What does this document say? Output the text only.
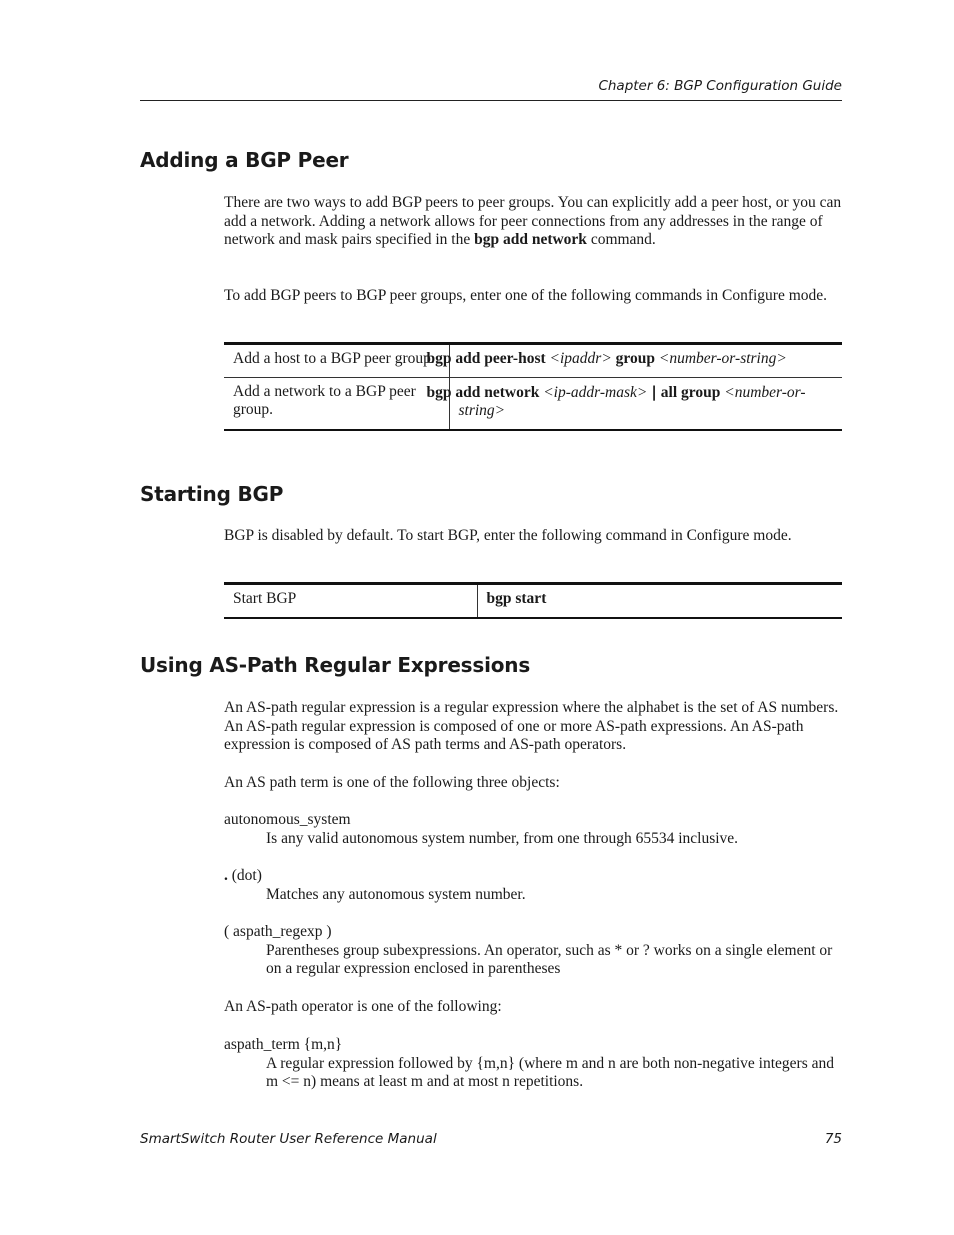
Chapter 6: BGP Configuration Guide
Adding a BGP Peer

There are two ways to add BGP peers to peer groups. You can explicitly add a peer host, or you can add a network. Adding a network allows for peer connections from any addresses in the range of network and mask pairs specified in the bgp add network command.

To add BGP peers to BGP peer groups, enter one of the following commands in Configure mode.

Add a host to a BGP peer group.	bgp add peer-host <ipaddr> group <number-or-string>
Add a network to a BGP peer group.	bgp add network <ip-addr-mask> | all group <number-or-string>
Starting BGP

BGP is disabled by default. To start BGP, enter the following command in Configure mode.

Start BGP	bgp start
Using AS-Path Regular Expressions

An AS-path regular expression is a regular expression where the alphabet is the set of AS numbers. An AS-path regular expression is composed of one or more AS-path expressions. An AS-path expression is composed of AS path terms and AS-path operators.

An AS path term is one of the following three objects:

autonomous_system

Is any valid autonomous system number, from one through 65534 inclusive.

. (dot)

Matches any autonomous system number.

( aspath_regexp )

Parentheses group subexpressions. An operator, such as * or ? works on a single element or on a regular expression enclosed in parentheses

An AS-path operator is one of the following:

aspath_term {m,n}

A regular expression followed by {m,n} (where m and n are both non-negative integers and m <= n) means at least m and at most n repetitions.

SmartSwitch Router User Reference Manual	75
